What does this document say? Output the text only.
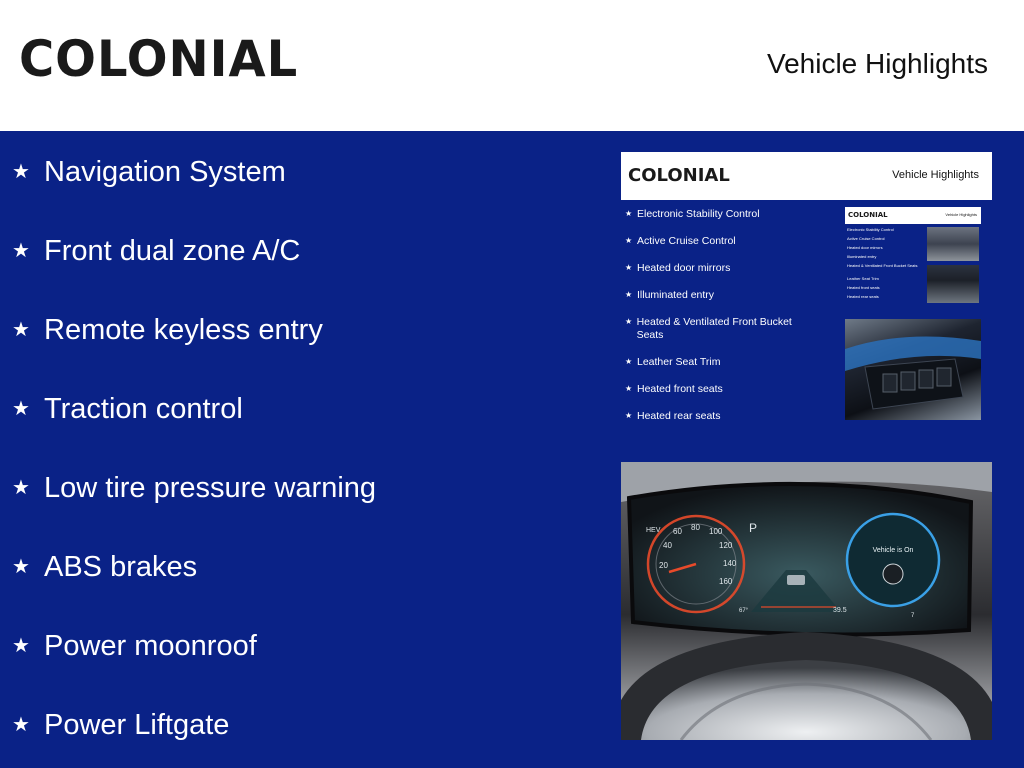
COLONIAL	Vehicle Highlights
★ Navigation System
★ Front dual zone A/C
★ Remote keyless entry
★ Traction control
★ Low tire pressure warning
★ ABS brakes
★ Power moonroof
★ Power Liftgate
COLONIAL	Vehicle Highlights
★ Electronic Stability Control
★ Active Cruise Control
★ Heated door mirrors
★ Illuminated entry
★ Heated & Ventilated Front Bucket Seats
★ Leather Seat Trim
★ Heated front seats
★ Heated rear seats
COLONIAL	Vehicle Highlights
Electronic Stability Control
Active Cruise Control
Heated door mirrors
Illuminated entry
Heated & Ventilated Front Bucket Seats
Leather Seat Trim
Heated front seats
Heated rear seats
HEV
20
40
60 80 100
120
140
160
P
39.5
67°
7
Vehicle is On
